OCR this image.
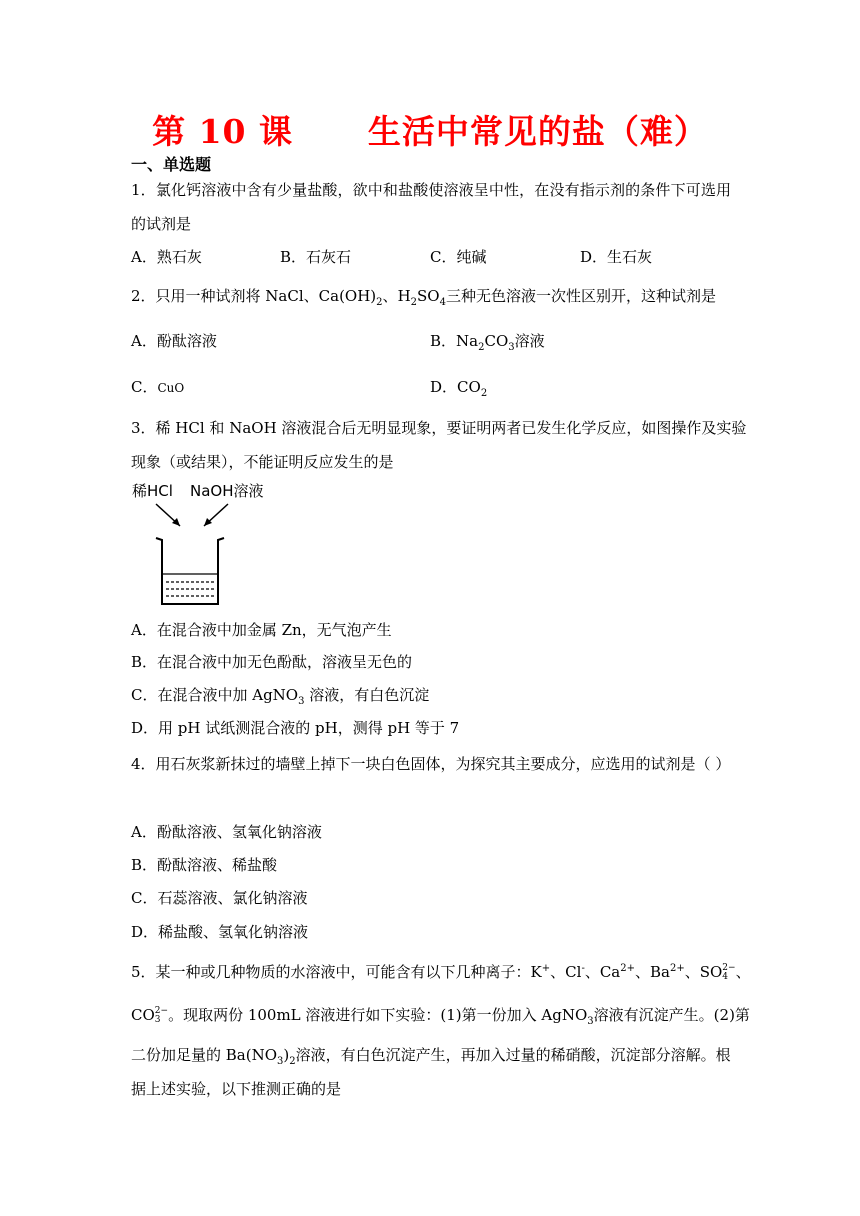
第 10 课      生活中常见的盐（难）
一、单选题
1．氯化钙溶液中含有少量盐酸，欲中和盐酸使溶液呈中性，在没有指示剂的条件下可选用
的试剂是
A．熟石灰	B．石灰石	C．纯碱	D．生石灰
2．只用一种试剂将 NaCl、$Ca(OH)_2$、$H_2SO_4$三种无色溶液一次性区别开，这种试剂是
A．酚酞溶液	B．$Na_2CO_3$溶液
C．CuO	D．$CO_2$
3．稀 HCl 和 NaOH 溶液混合后无明显现象，要证明两者已发生化学反应，如图操作及实验
现象（或结果），不能证明反应发生的是
稀HCl NaOH溶液
A．在混合液中加金属 Zn，无气泡产生
B．在混合液中加无色酚酞，溶液呈无色的
C．在混合液中加 AgNO$_3$ 溶液，有白色沉淀
D．用 pH 试纸测混合液的 pH，测得 pH 等于 7
4．用石灰浆新抹过的墙壁上掉下一块白色固体，为探究其主要成分，应选用的试剂是（ ）
A．酚酞溶液、氢氧化钠溶液
B．酚酞溶液、稀盐酸
C．石蕊溶液、氯化钠溶液
D．稀盐酸、氢氧化钠溶液
5．某一种或几种物质的水溶液中，可能含有以下几种离子：K+、Cl-、$Ca^{2+}$、$Ba^{2+}$、SO 2−
4 、
CO 2−
3 。现取两份 100mL 溶液进行如下实验：(1)第一份加入 AgNO$_3$溶液有沉淀产生。(2)第
二份加足量的 $Ba(NO_3)_2$溶液，有白色沉淀产生，再加入过量的稀硝酸，沉淀部分溶解。根
据上述实验，以下推测正确的是
